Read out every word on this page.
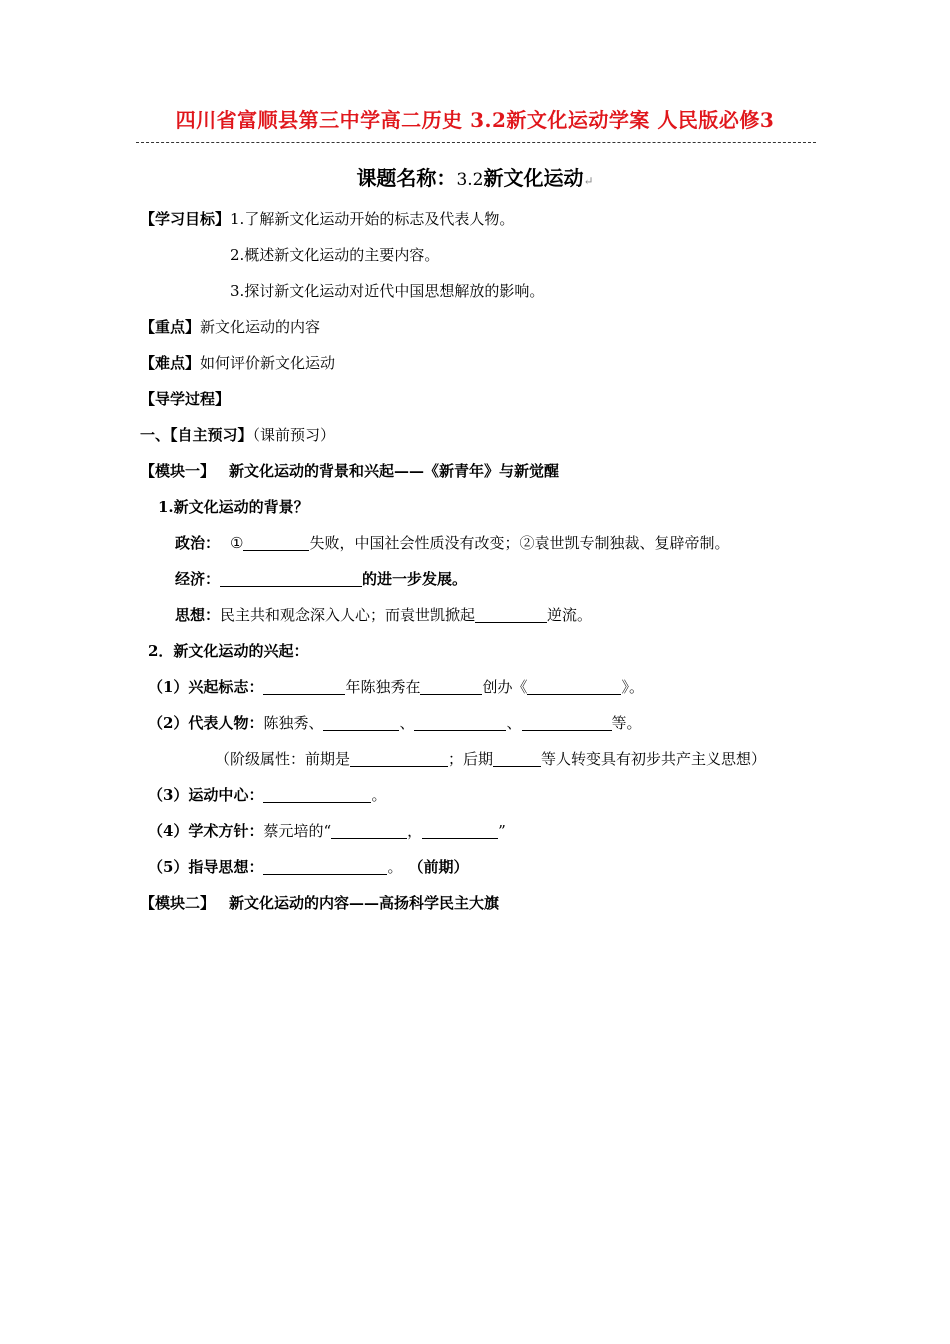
四川省富顺县第三中学高二历史 3.2新文化运动学案 人民版必修3
课题名称：3.2新文化运动↵
【学习目标】1.了解新文化运动开始的标志及代表人物。
2.概述新文化运动的主要内容。
3.探讨新文化运动对近代中国思想解放的影响。
【重点】新文化运动的内容
【难点】如何评价新文化运动
【导学过程】
一、【自主预习】（课前预习）
【模块一】 新文化运动的背景和兴起——《新青年》与新觉醒
1.新文化运动的背景？
政治： ①	失败，中国社会性质没有改变；②袁世凯专制独裁、复辟帝制。
经济：	的进一步发展。
思想：民主共和观念深入人心；而袁世凯掀起	逆流。
2．新文化运动的兴起：
（1）兴起标志：	年陈独秀在	创办《	》。
（2）代表人物：陈独秀、	、	、	等。
（阶级属性：前期是	；后期	等人转变具有初步共产主义思想）
（3）运动中心：	。
（4）学术方针：蔡元培的“	，	”
（5）指导思想：	。 （前期）
【模块二】 新文化运动的内容——高扬科学民主大旗
